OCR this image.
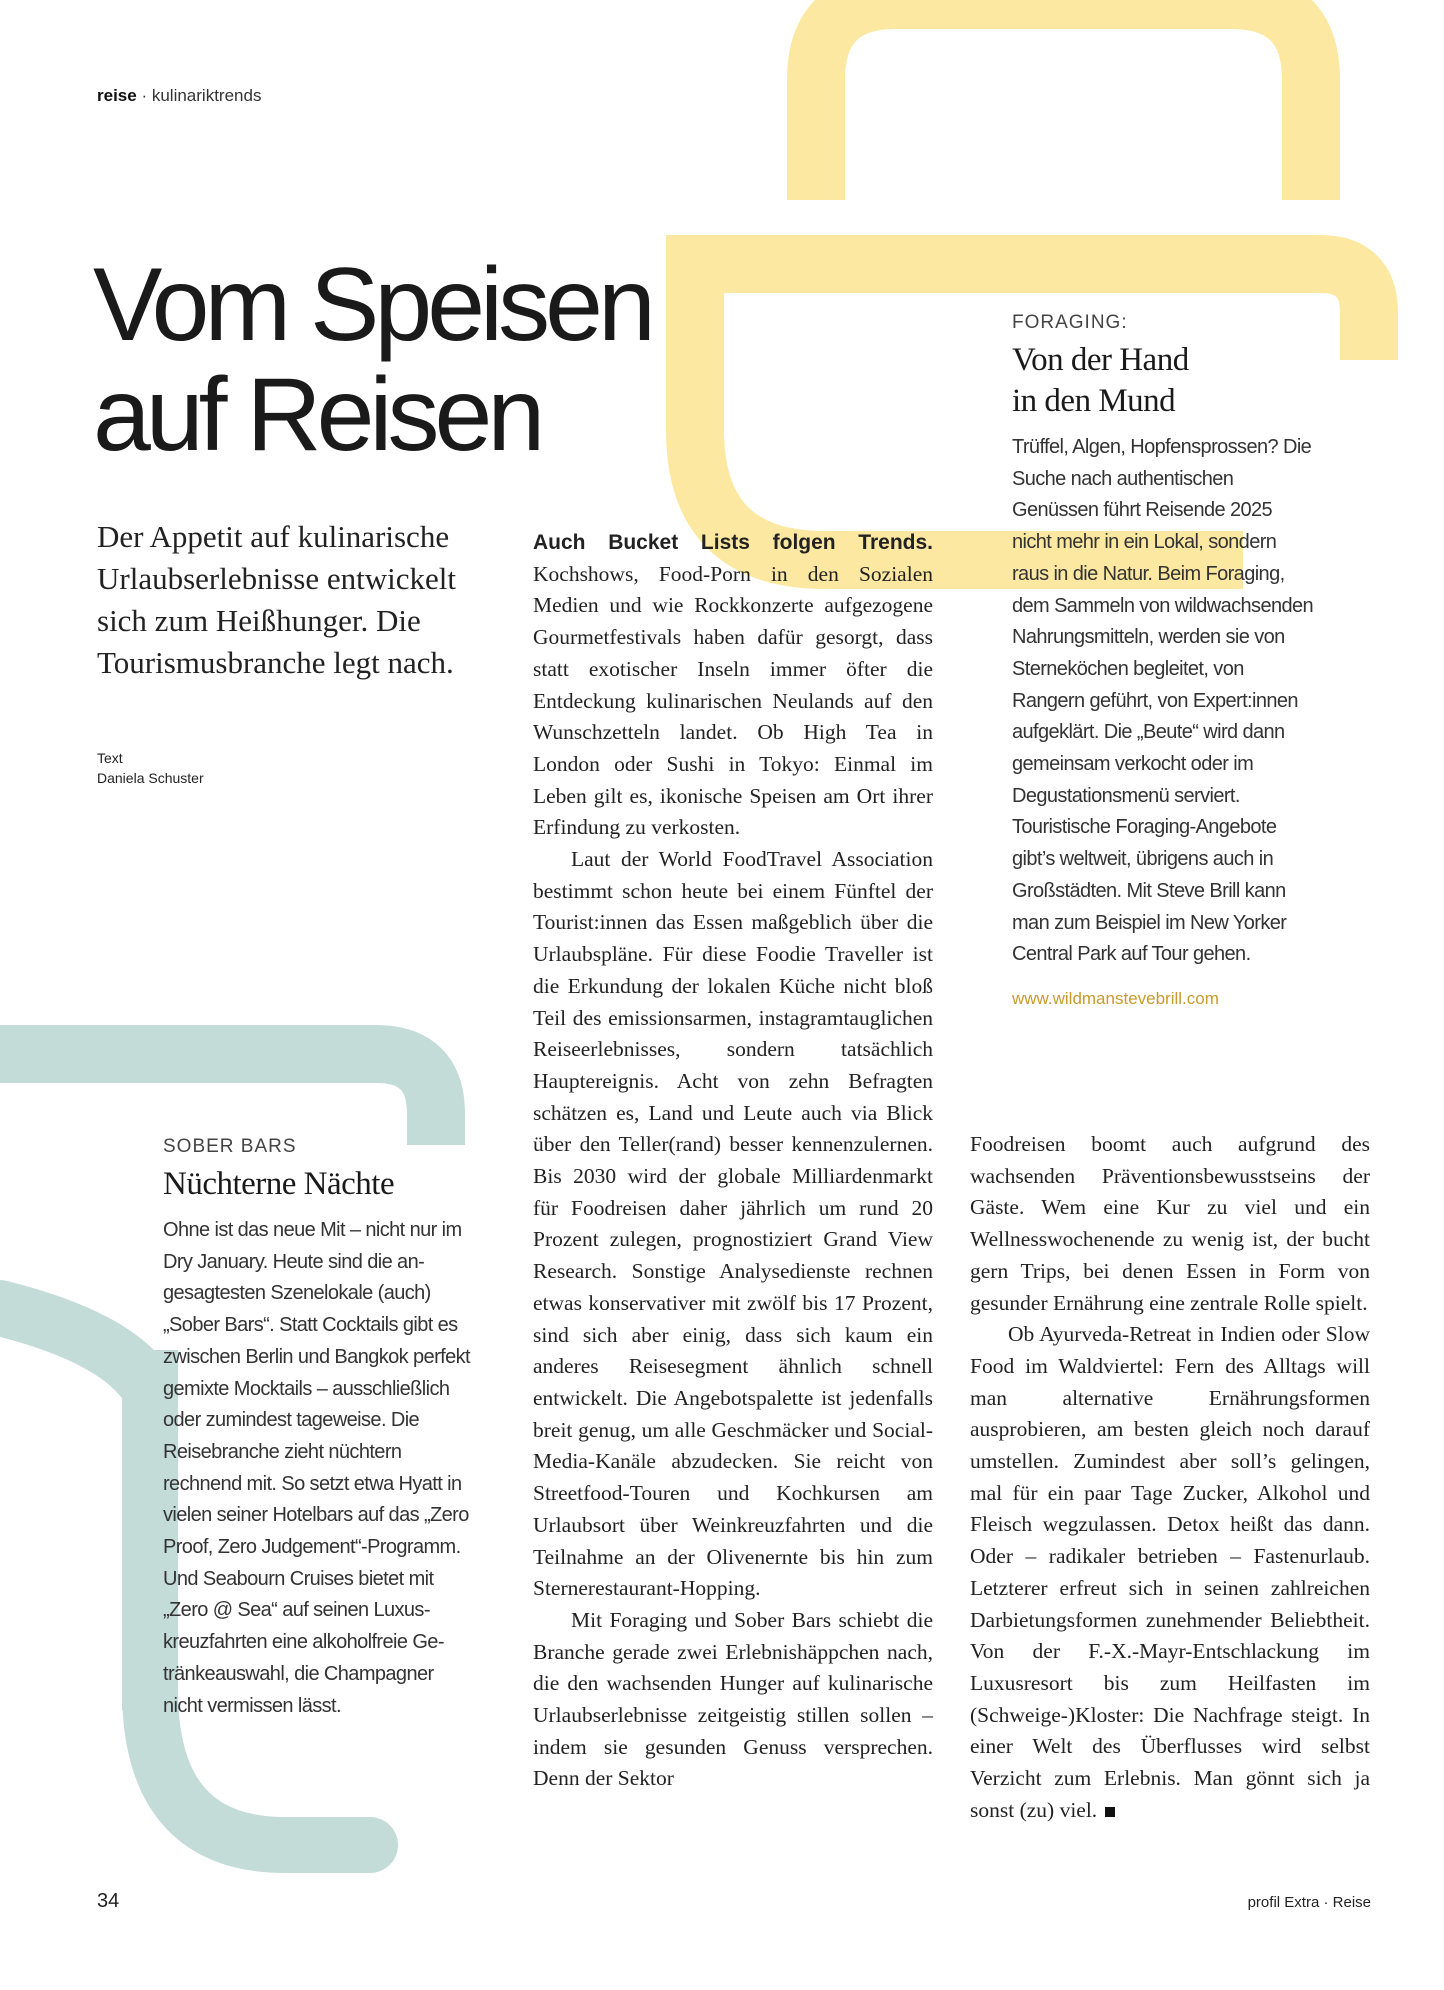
reise · kulinariktrends
Vom Speisen
auf Reisen
Der Appetit auf kulinarische Urlaubserlebnisse entwickelt sich zum Heißhunger. Die Tourismusbranche legt nach.
Text
Daniela Schuster
FORAGING:
Von der Hand
in den Mund
Trüffel, Algen, Hopfensprossen? Die Suche nach authentischen Genüssen führt Reisende 2025 nicht mehr in ein Lokal, sondern raus in die Natur. Beim Foraging, dem Sammeln von wildwachsenden Nahrungsmitteln, werden sie von Sterneköchen begleitet, von Rangern geführt, von Expert:innen aufgeklärt. Die „Beute“ wird dann gemeinsam verkocht oder im Degustationsmenü serviert. Touristische Foraging-Angebote gibt’s weltweit, übrigens auch in Großstädten. Mit Steve Brill kann man zum Beispiel im New Yorker Central Park auf Tour gehen.
www.wildmanstevebrill.com
SOBER BARS
Nüchterne Nächte
Ohne ist das neue Mit – nicht nur im Dry January. Heute sind die angesagtesten Szenelokale (auch) „Sober Bars“. Statt Cocktails gibt es zwischen Berlin und Bangkok perfekt gemixte Mocktails – ausschließlich oder zumindest tageweise. Die Reisebranche zieht nüchtern rechnend mit. So setzt etwa Hyatt in vielen seiner Hotelbars auf das „Zero Proof, Zero Judgement“-Programm. Und Seabourn Cruises bietet mit „Zero @ Sea“ auf seinen Luxuskreuzfahrten eine alkoholfreie Getränkeauswahl, die Champagner nicht vermissen lässt.

Auch Bucket Lists folgen Trends. Kochshows, Food-Porn in den Sozialen Medien und wie Rockkonzerte aufgezogene Gourmetfestivals haben dafür gesorgt, dass statt exotischer Inseln immer öfter die Entdeckung kulinarischen Neulands auf den Wunschzetteln landet. Ob High Tea in London oder Sushi in Tokyo: Einmal im Leben gilt es, ikonische Speisen am Ort ihrer Erfindung zu verkosten.

Laut der World FoodTravel Association bestimmt schon heute bei einem Fünftel der Tourist:innen das Essen maßgeblich über die Urlaubspläne. Für diese Foodie Traveller ist die Erkundung der lokalen Küche nicht bloß Teil des emissionsarmen, instagramtauglichen Reiseerlebnisses, sondern tatsächlich Hauptereignis. Acht von zehn Befragten schätzen es, Land und Leute auch via Blick über den Teller(rand) besser kennenzulernen. Bis 2030 wird der globale Milliardenmarkt für Foodreisen daher jährlich um rund 20 Prozent zulegen, prognostiziert Grand View Research. Sonstige Analysedienste rechnen etwas konservativer mit zwölf bis 17 Prozent, sind sich aber einig, dass sich kaum ein anderes Reisesegment ähnlich schnell entwickelt. Die Angebotspalette ist jedenfalls breit genug, um alle Geschmäcker und Social-Media-Kanäle abzudecken. Sie reicht von Streetfood-Touren und Kochkursen am Urlaubsort über Weinkreuzfahrten und die Teilnahme an der Olivenernte bis hin zum Sternerestaurant-Hopping.

Mit Foraging und Sober Bars schiebt die Branche gerade zwei Erlebnishäppchen nach, die den wachsenden Hunger auf kulinarische Urlaubserlebnisse zeitgeistig stillen sollen – indem sie gesunden Genuss versprechen. Denn der Sektor

Foodreisen boomt auch aufgrund des wachsenden Präventionsbewusstseins der Gäste. Wem eine Kur zu viel und ein Wellnesswochenende zu wenig ist, der bucht gern Trips, bei denen Essen in Form von gesunder Ernährung eine zentrale Rolle spielt.

Ob Ayurveda-Retreat in Indien oder Slow Food im Waldviertel: Fern des Alltags will man alternative Ernährungsformen ausprobieren, am besten gleich noch darauf umstellen. Zumindest aber soll’s gelingen, mal für ein paar Tage Zucker, Alkohol und Fleisch wegzulassen. Detox heißt das dann. Oder – radikaler betrieben – Fastenurlaub. Letzterer erfreut sich in seinen zahlreichen Darbietungsformen zunehmender Beliebtheit. Von der F.-X.-Mayr-Entschlackung im Luxusresort bis zum Heilfasten im (Schweige-)Kloster: Die Nachfrage steigt. In einer Welt des Überflusses wird selbst Verzicht zum Erlebnis. Man gönnt sich ja sonst (zu) viel.

34	profil Extra · Reise
